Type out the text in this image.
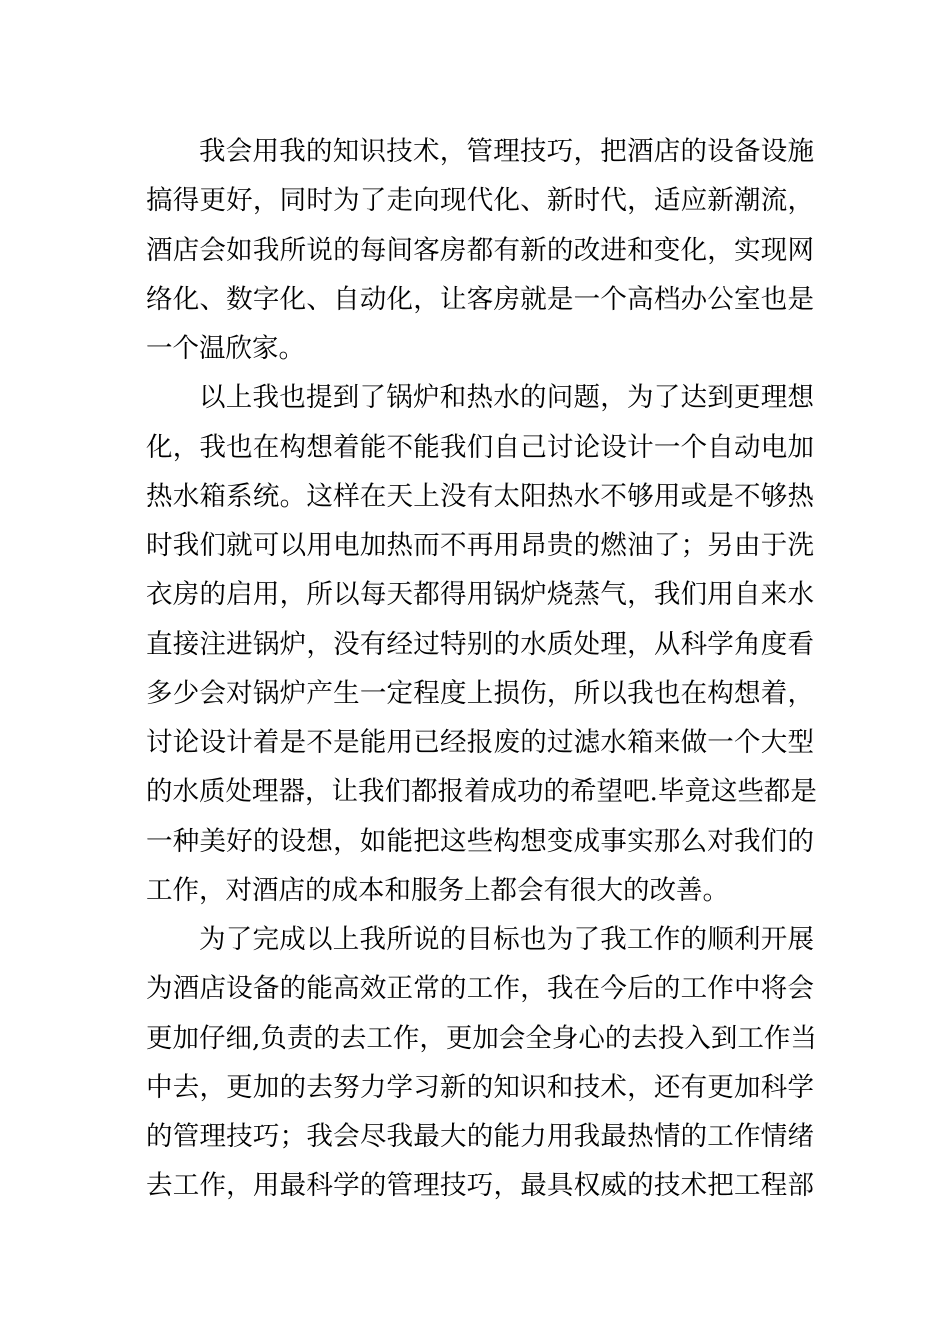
我会用我的知识技术，管理技巧，把酒店的设备设施
搞得更好，同时为了走向现代化、新时代，适应新潮流，
酒店会如我所说的每间客房都有新的改进和变化，实现网
络化、数字化、自动化，让客房就是一个高档办公室也是
一个温欣家。
以上我也提到了锅炉和热水的问题，为了达到更理想
化，我也在构想着能不能我们自己讨论设计一个自动电加
热水箱系统。这样在天上没有太阳热水不够用或是不够热
时我们就可以用电加热而不再用昂贵的燃油了；另由于洗
衣房的启用，所以每天都得用锅炉烧蒸气，我们用自来水
直接注进锅炉，没有经过特别的水质处理，从科学角度看
多少会对锅炉产生一定程度上损伤，所以我也在构想着，
讨论设计着是不是能用已经报废的过滤水箱来做一个大型
的水质处理器，让我们都报着成功的希望吧.毕竟这些都是
一种美好的设想，如能把这些构想变成事实那么对我们的
工作，对酒店的成本和服务上都会有很大的改善。
为了完成以上我所说的目标也为了我工作的顺利开展
为酒店设备的能高效正常的工作，我在今后的工作中将会
更加仔细,负责的去工作，更加会全身心的去投入到工作当
中去，更加的去努力学习新的知识和技术，还有更加科学
的管理技巧；我会尽我最大的能力用我最热情的工作情绪
去工作，用最科学的管理技巧，最具权威的技术把工程部
